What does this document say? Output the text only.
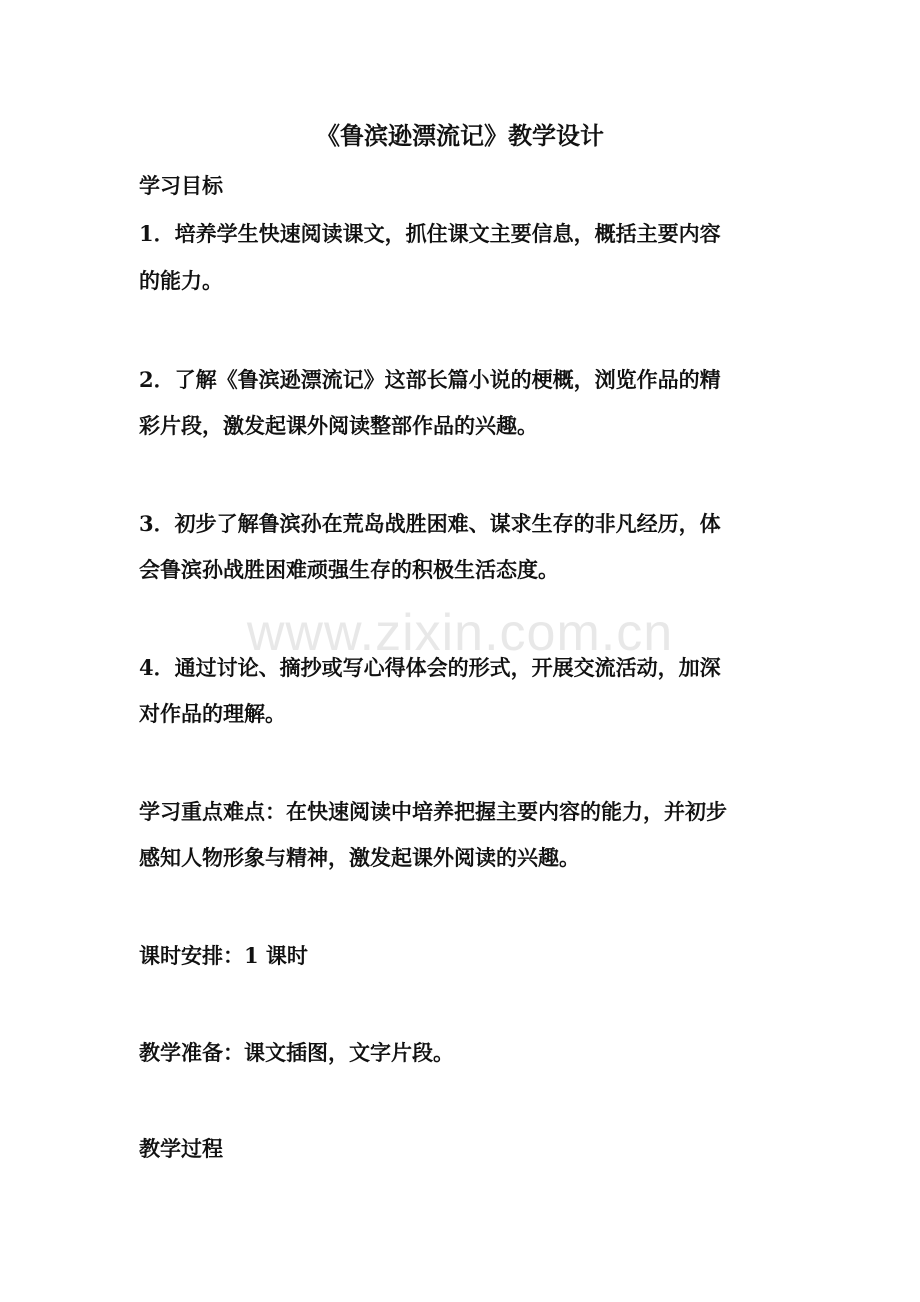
《鲁滨逊漂流记》教学设计
学习目标
1．培养学生快速阅读课文，抓住课文主要信息，概括主要内容
的能力。
2．了解《鲁滨逊漂流记》这部长篇小说的梗概，浏览作品的精
彩片段，激发起课外阅读整部作品的兴趣。
3．初步了解鲁滨孙在荒岛战胜困难、谋求生存的非凡经历，体
会鲁滨孙战胜困难顽强生存的积极生活态度。
4．通过讨论、摘抄或写心得体会的形式，开展交流活动，加深
对作品的理解。
学习重点难点：在快速阅读中培养把握主要内容的能力，并初步
感知人物形象与精神，激发起课外阅读的兴趣。
课时安排：1 课时
教学准备：课文插图，文字片段。
教学过程
www.zixin.com.cn
